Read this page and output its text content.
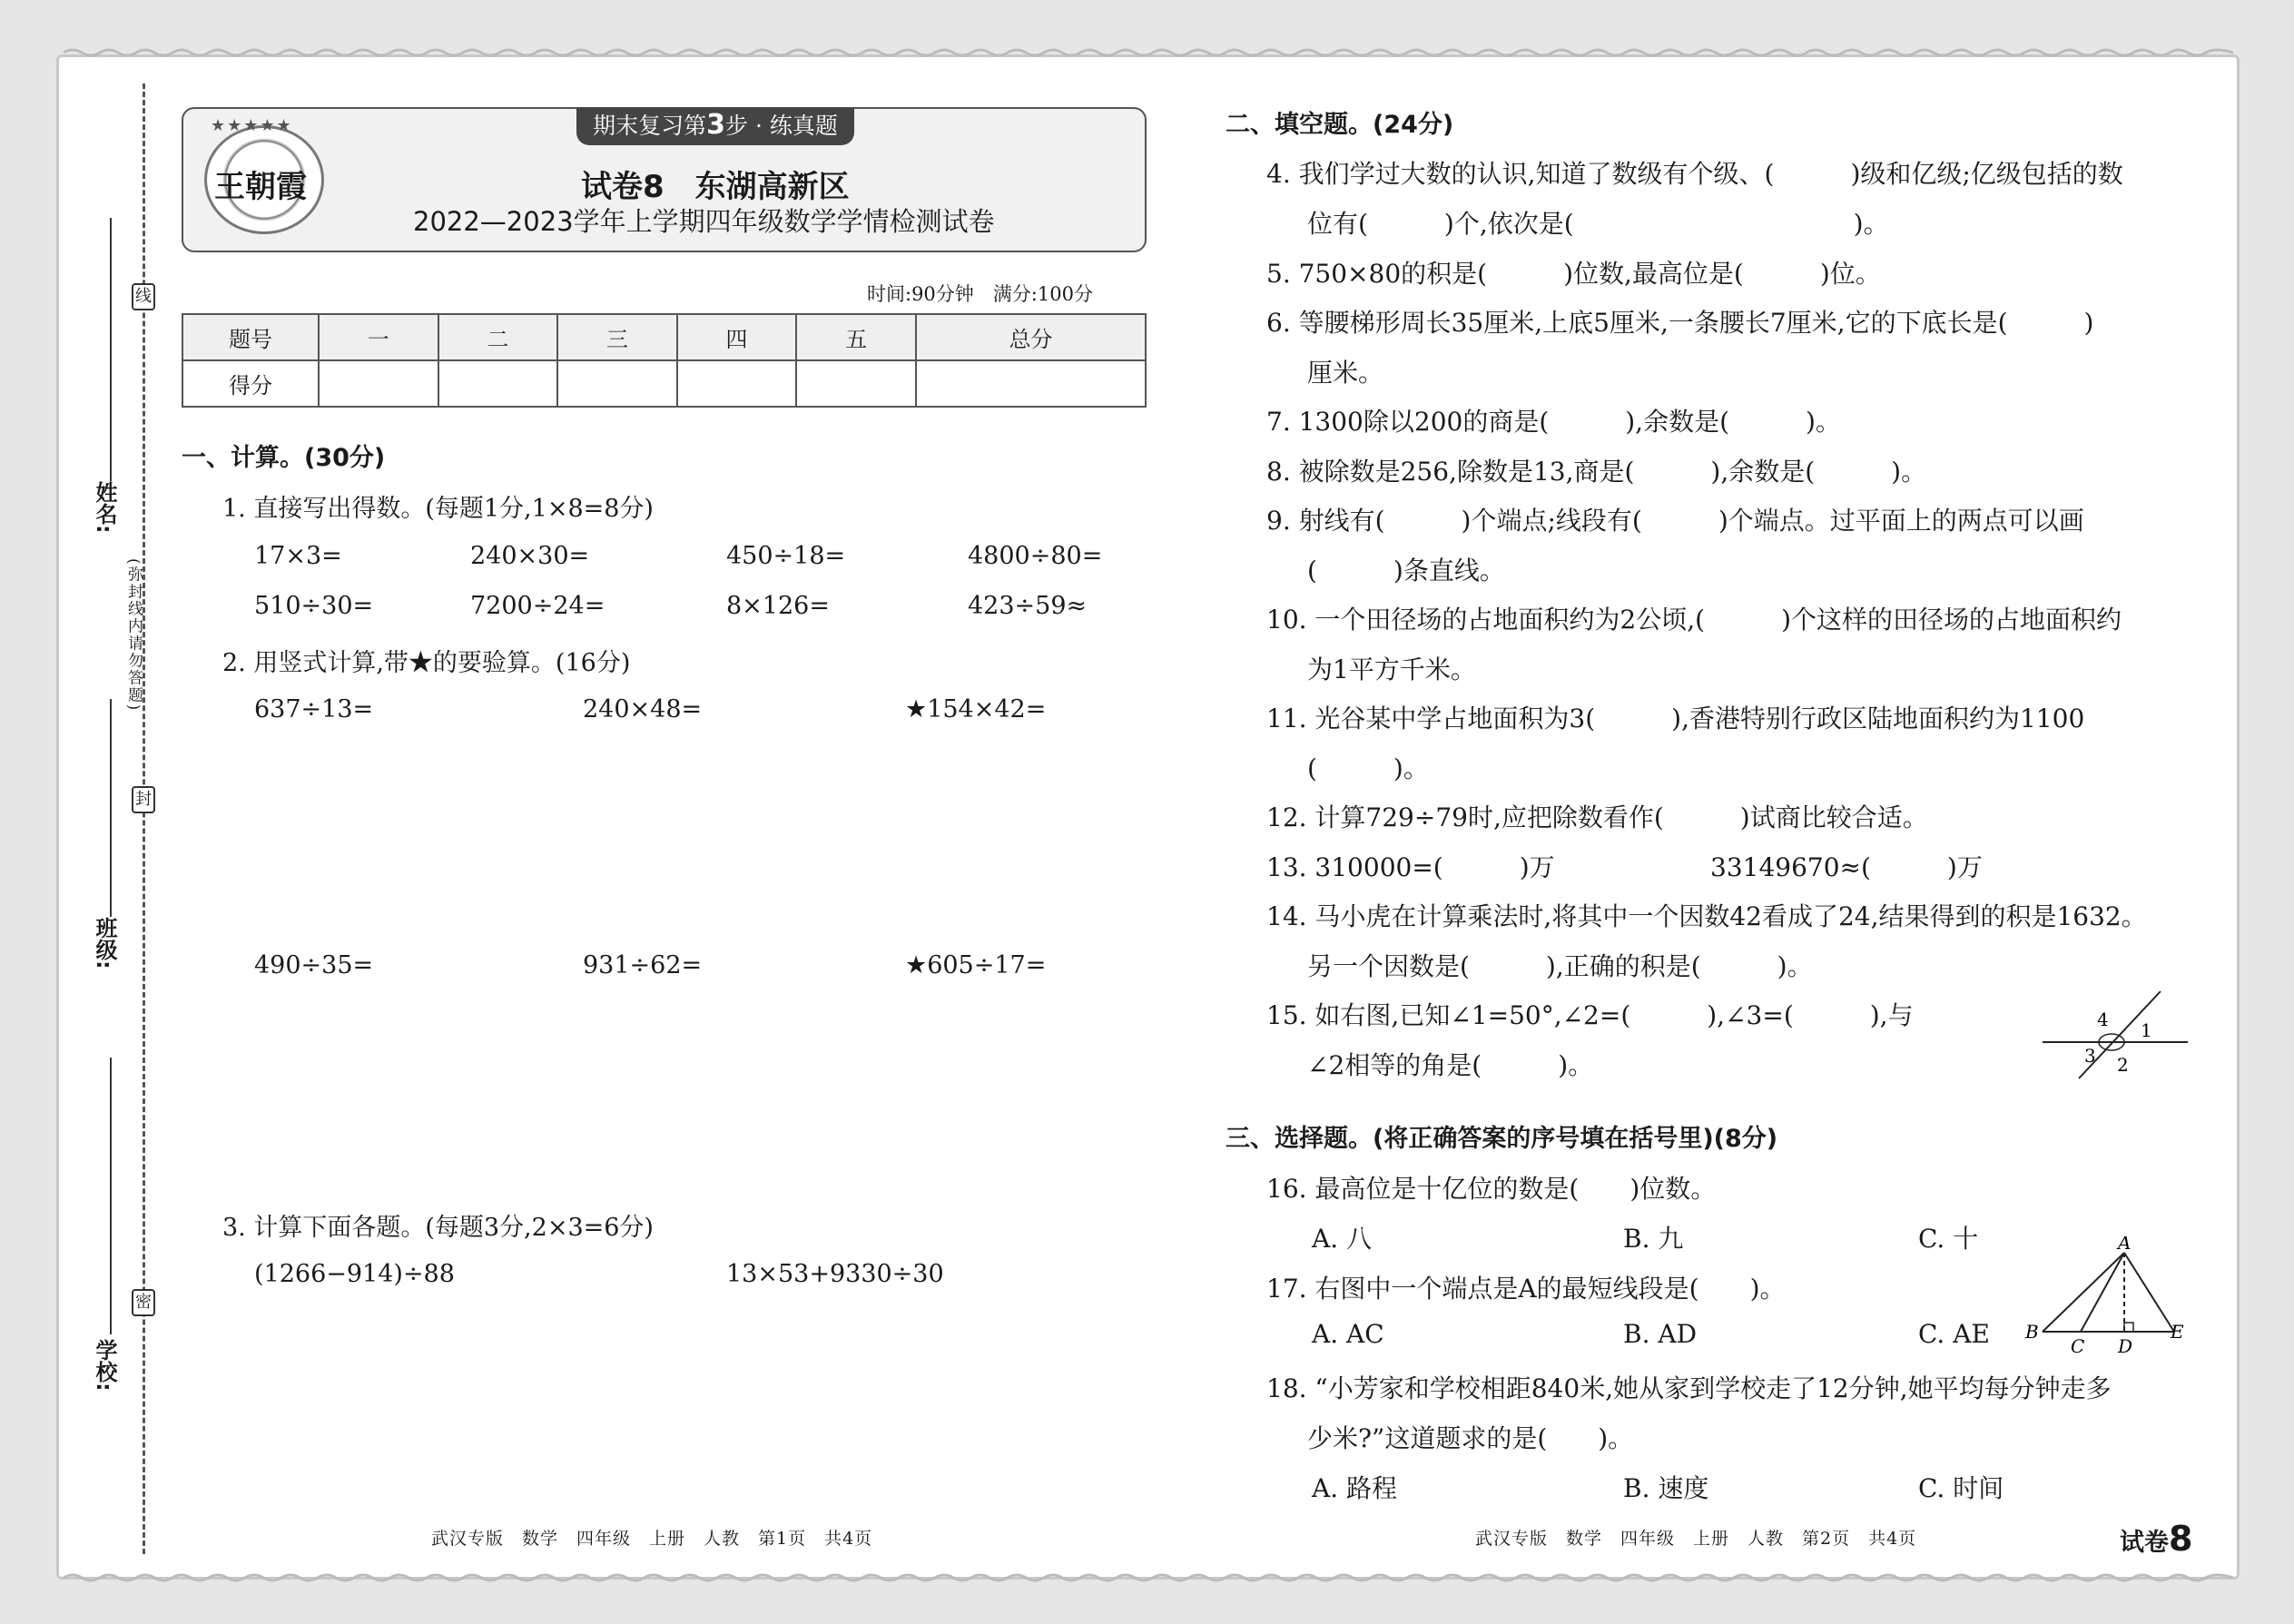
线
封
密
(弥封线内请勿答题)
姓名:
班级:
学校:
期末复习第3步 · 练真题
★★★★★
王朝霞	试卷8　东湖高新区
2022—2023学年上学期四年级数学学情检测试卷
时间:90分钟　满分:100分
题号	一	二	三	四	五	总分
得分						
一、计算。(30分)
1. 直接写出得数。(每题1分,1×8=8分)
17×3=	240×30=	450÷18=	4800÷80=
510÷30=	7200÷24=	8×126=	423÷59≈
2. 用竖式计算,带★的要验算。(16分)
637÷13=	240×48=	★154×42=
490÷35=	931÷62=	★605÷17=
3. 计算下面各题。(每题3分,2×3=6分)
(1266−914)÷88	13×53+9330÷30
二、填空题。(24分)
4. 我们学过大数的认识,知道了数级有个级、(　　　)级和亿级;亿级包括的数
位有(　　　)个,依次是(　　　　　　　　　　　)。
5. 750×80的积是(　　　)位数,最高位是(　　　)位。
6. 等腰梯形周长35厘米,上底5厘米,一条腰长7厘米,它的下底长是(　　　)
厘米。
7. 1300除以200的商是(　　　),余数是(　　　)。
8. 被除数是256,除数是13,商是(　　　),余数是(　　　)。
9. 射线有(　　　)个端点;线段有(　　　)个端点。过平面上的两点可以画
(　　　)条直线。
10. 一个田径场的占地面积约为2公顷,(　　　)个这样的田径场的占地面积约
为1平方千米。
11. 光谷某中学占地面积为3(　　　),香港特别行政区陆地面积约为1100
(　　　)。
12. 计算729÷79时,应把除数看作(　　　)试商比较合适。
13. 310000=(　　　)万	33149670≈(　　　)万
14. 马小虎在计算乘法时,将其中一个因数42看成了24,结果得到的积是1632。
另一个因数是(　　　),正确的积是(　　　)。
15. 如右图,已知∠1=50°,∠2=(　　　),∠3=(　　　),与
∠2相等的角是(　　　)。
4 1
3 2
三、选择题。(将正确答案的序号填在括号里)(8分)
16. 最高位是十亿位的数是(　　)位数。
A. 八	B. 九	C. 十
17. 右图中一个端点是A的最短线段是(　　)。
A. AC	B. AD	C. AE
A
B
C D
E
18. “小芳家和学校相距840米,她从家到学校走了12分钟,她平均每分钟走多
少米?”这道题求的是(　　)。
A. 路程	B. 速度	C. 时间
武汉专版　数学　四年级　上册　人教　第1页　共4页	武汉专版　数学　四年级　上册　人教　第2页　共4页	试卷8
